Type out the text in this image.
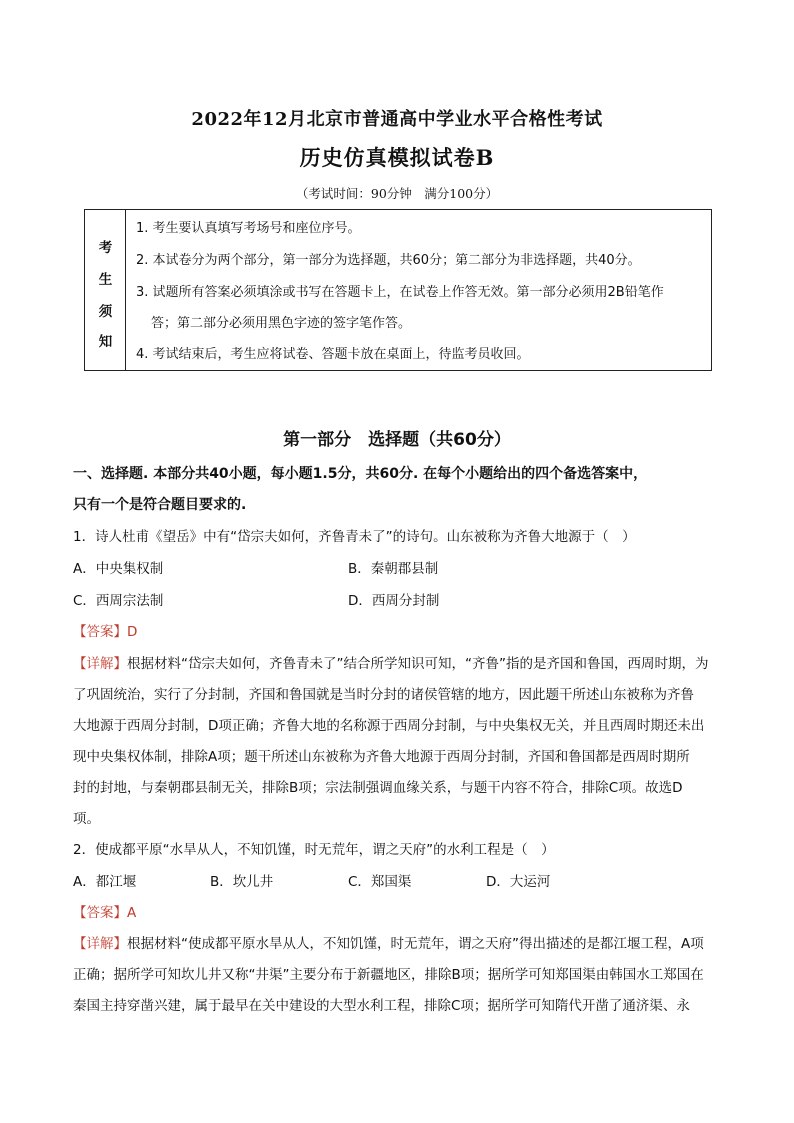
2022年12月北京市普通高中学业水平合格性考试
历史仿真模拟试卷B
（考试时间：90分钟　满分100分）
考
生
须
知
1. 考生要认真填写考场号和座位序号。
2. 本试卷分为两个部分，第一部分为选择题，共60分；第二部分为非选择题，共40分。
3. 试题所有答案必须填涂或书写在答题卡上，在试卷上作答无效。第一部分必须用2B铅笔作
答；第二部分必须用黑色字迹的签字笔作答。
4. 考试结束后，考生应将试卷、答题卡放在桌面上，待监考员收回。
第一部分　选择题（共60分）
一、选择题. 本部分共40小题，每小题1.5分，共60分. 在每个小题给出的四个备选答案中，
只有一个是符合题目要求的.
1．诗人杜甫《望岳》中有“岱宗夫如何，齐鲁青未了”的诗句。山东被称为齐鲁大地源于（　）
A．中央集权制	B．秦朝郡县制
C．西周宗法制	D．西周分封制
【答案】D
【详解】根据材料“岱宗夫如何，齐鲁青未了”结合所学知识可知，“齐鲁”指的是齐国和鲁国，西周时期，为
了巩固统治，实行了分封制，齐国和鲁国就是当时分封的诸侯管辖的地方，因此题干所述山东被称为齐鲁
大地源于西周分封制，D项正确；齐鲁大地的名称源于西周分封制，与中央集权无关，并且西周时期还未出
现中央集权体制，排除A项；题干所述山东被称为齐鲁大地源于西周分封制，齐国和鲁国都是西周时期所
封的封地，与秦朝郡县制无关，排除B项；宗法制强调血缘关系，与题干内容不符合，排除C项。故选D
项。
2．使成都平原“水旱从人，不知饥馑，时无荒年，谓之天府”的水利工程是（　）
A．都江堰	B．坎儿井	C．郑国渠	D．大运河
【答案】A
【详解】根据材料“使成都平原水旱从人，不知饥馑，时无荒年，谓之天府”得出描述的是都江堰工程，A项
正确；据所学可知坎儿井又称“井渠”主要分布于新疆地区，排除B项；据所学可知郑国渠由韩国水工郑国在
秦国主持穿凿兴建，属于最早在关中建设的大型水利工程，排除C项；据所学可知隋代开凿了通济渠、永
